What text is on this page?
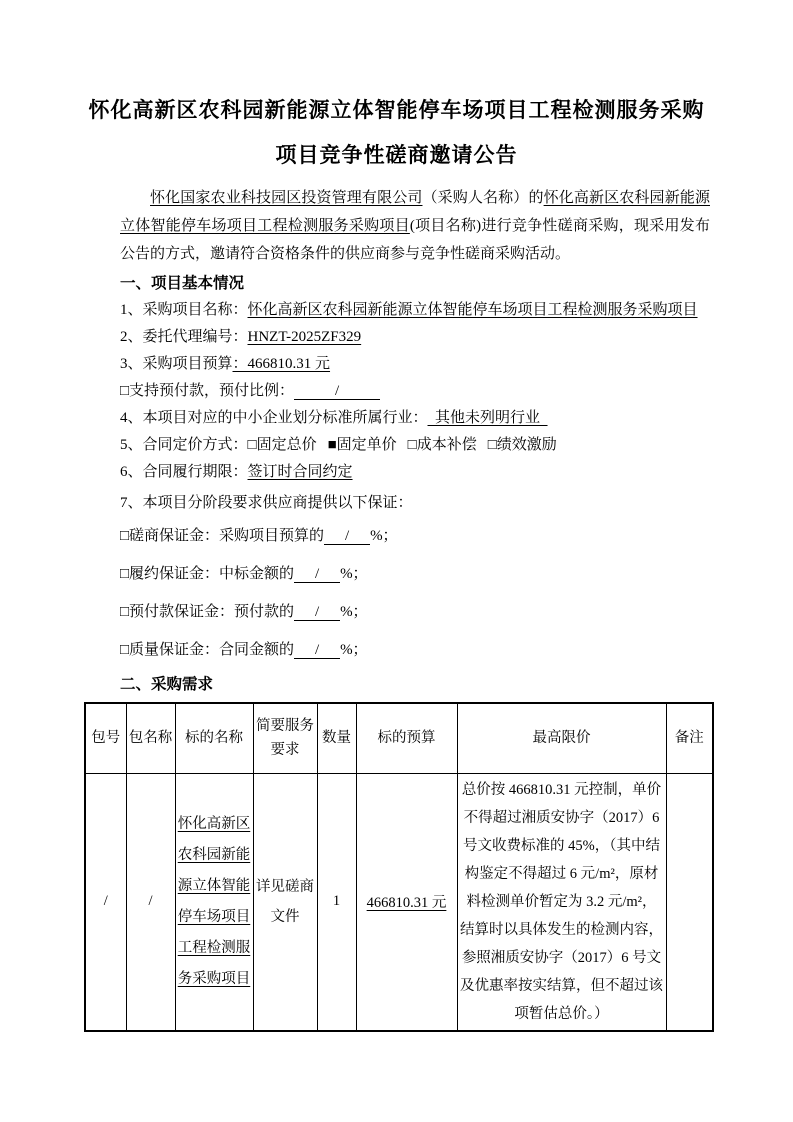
怀化高新区农科园新能源立体智能停车场项目工程检测服务采购
项目竞争性磋商邀请公告

怀化国家农业科技园区投资管理有限公司（采购人名称）的怀化高新区农科园新能源立体智能停车场项目工程检测服务采购项目(项目名称)进行竞争性磋商采购，现采用发布公告的方式，邀请符合资格条件的供应商参与竞争性磋商采购活动。

一、项目基本情况
1、采购项目名称：怀化高新区农科园新能源立体智能停车场项目工程检测服务采购项目
2、委托代理编号：HNZT-2025ZF329
3、采购项目预算：466810.31 元
□支持预付款，预付比例：	/
4、本项目对应的中小企业划分标准所属行业：  其他未列明行业
5、合同定价方式：□固定总价 ■固定单价 □成本补偿 □绩效激励
6、合同履行期限：签订时合同约定
7、本项目分阶段要求供应商提供以下保证：
□磋商保证金：采购项目预算的 / %；
□履约保证金：中标金额的 / %；
□预付款保证金：预付款的 / %；
□质量保证金：合同金额的 / %；
二、采购需求
包号	包名称	标的名称	简要服务要求	数量	标的预算	最高限价	备注
/	/	怀化高新区农科园新能源立体智能停车场项目工程检测服务采购项目	详见磋商文件	1	466810.31 元	总价按 466810.31 元控制，单价不得超过湘质安协字（2017）6 号文收费标准的 45%，（其中结构鉴定不得超过 6 元/m²，原材料检测单价暂定为 3.2 元/m²，结算时以具体发生的检测内容，参照湘质安协字（2017）6 号文及优惠率按实结算，但不超过该项暂估总价。）	
